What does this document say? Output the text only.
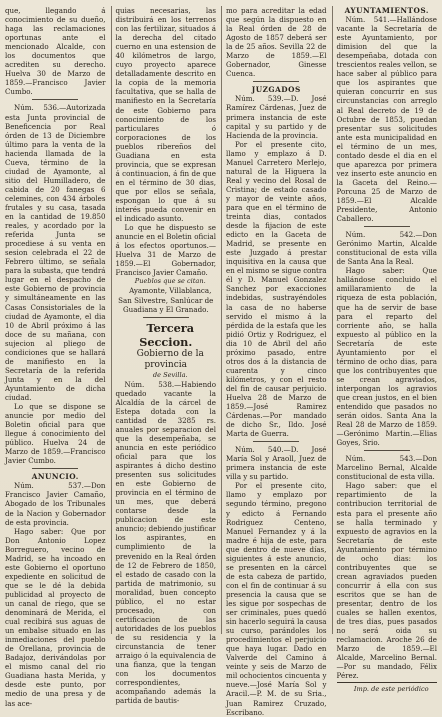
que, llegando á conocimiento de su dueño, haga las reclamaciones oportunas ante el mencionado Alcalde, con los documentos que acrediten su derecho. Huelva 30 de Marzo de 1859.—Francisco Javier Cumbo.

Núm. 536.—Autorizada esta Junta provincial de Beneficencia por Real órden de 13 de Diciembre último para la venta de la hacienda llamada de la Cueva, término de la ciudad de Ayamonte, al sitio del Humilladero, de cabida de 20 fanegas 6 celemines, con 434 árboles frutales y su casa, tasada en la cantidad de 19.850 reales, y acordado por la referida Junta se procediese á su venta en sesion celebrada el 22 de Febrero último, se señala para la subasta, que tendrá lugar en el despacho de este Gobierno de provincia y simultáneamente en las Casas Consistoriales de la ciudad de Ayamonte, el dia 10 de Abril próximo á las doce de su mañana, con sujecion al pliego de condiciones que se hallará de manifiesto en la Secretaría de la referida Junta y en la del Ayuntamiento de dicha ciudad.

Lo que se dispone se anuncie por medio del Boletin oficial para que llegue á conocimiento del público. Huelva 24 de Marzo de 1859.—Francisco Javier Cumbo.

ANUNCIO.

Núm. 537.—Don Francisco Javier Camaño, Abogado de los Tribunales de la Nacion y Gobernador de esta provincia.

Hago saber: Que por Don Antonio Lopez Borreguero, vecino de Madrid, se ha incoado en este Gobierno el oportuno expediente en solicitud de que se le dé la debida publicidad al proyecto de un canal de riego, que se denominará de Merida, el cual recibirá sus aguas de un embalse situado en las inmediaciones del pueblo de Orellana, provincia de Badajoz, derivándolas por el mismo canal del rio Guadiana hasta Merida, y desde este punto, por medio de una presa y de las ace-

quias necesarias, las distribuirá en los terrenos con las fertilizar, situados á la derecha del citado cuerno en una estension de 40 kilómetros de largo, cuyo proyecto aparece detalladamente descrito en la copia de la memoria facultativa, que se halla de manifiesto en la Secretaría de este Gobierno para conocimiento de los particulares ó corporaciones de los pueblos ribereños del Guadiana en esta provincia, que se expresan á continuacion, á fin de que en el término de 30 dias, que por ellos se señala, espongan lo que á su interés pueda convenir en el indicado asunto.

Lo que he dispuesto se anuncie en el Boletin oficial á los efectos oportunos.—Huelva 31 de Marzo de 1859.—El Gobernador, Francisco Javier Camaño.

Pueblos que se citan.

Ayamonte, Villablanca, San Silvestre, Sanlúcar de Guadiana y El Granado.

Tercera Seccion.

Gobierno de la provincia

de Sevilla.

Núm. 538.—Habiendo quedado vacante la Alcaldía de la cárcel de Estepa dotada con la cantidad de 3285 rs. anuales por separacion del que la desempeñaba, se anuncia en este periódico oficial para que los aspirantes á dicho destino presenten sus solicitudes en este Gobierno de provincia en el término de un mes, que deberá contarse desde la publicacion de este anuncio; debiendo justificar los aspirantes, en cumplimiento de la prevenido en la Real órden de 12 de Febrero de 1850, el estado de casado con la partida de matrimonio, su moralidad, buen concepto público, el no estar procesado, con certificacion de las autoridades de los pueblos de su residencia y la circunstancia de tener arraigo ó la equivalencia de una fianza, que la tengan con los documentos correspondientes, acompañando además la partida de bautis-

mo para acreditar la edad que según la dispuesto en la Real órden de 28 de Agosto de 1857 deberá ser la de 25 años. Sevilla 22 de Marzo de 1859.—El Gobernador, Ginesse Cuenca.

JUZGADOS

Núm. 539.—D. José Ramírez Cárdenas, Juez de primera instancia de este capital y su partido y de Hacienda de la provincia.

Por el presente cito, llamo y emplazo á D. Manuel Carretero Merlejo, natural de la Higuera la Real y vecino del Rosal de Cristina; de estado casado y mayor de veinte años, para que en el término de treinta dias, contados desde la fijacion de este edicto en la Gaceta de Madrid, se presente en este Juzgado á prestar inquisitiva en la causa que en el mismo se sigue contra él y D. Manuel Gonzalez Sanchez por exacciones indebidas, sustrayéndoles la casa de no haberse servido el mismo á la pérdida de la estafa que les pidió Ortiz y Rodriguez, el dia 10 de Abril del año próximo pasado, entre otros dos á la distancia de cuarenta y cinco kilómetros, y con el resto del fin de causar perjuicio. Huelva 28 de Marzo de 1859.—José Ramirez Cárdenas.—Por mandado de dicho Sr., Ildo. José Marta de Guerra.

Núm. 540.—D. José María Sol y Araoll, Juez de primera instancia de este villa y su partido.

Por el presente cito, llamo y emplazo por segundo término, pregono y edicto á Fernando Rodriguez Centeno, Manuel Fernandez y á la madre é hija de este, para que dentro de nueve días, siguientes á este anuncio, se presenten en la cárcel de esta cabeza de partido, con el fin de continuar á su presencia la causa que se les sigue por sospechas de ser criminales, pues quedó sin hacerlo seguirá la causa su curso, parándoles los procedimientos el perjuicio que haya lugar. Dado en Valverde del Camino á veinte y seis de Marzo de mil ochocientos cincuenta y nueve.—José María Sol y Aracil.—P. M. de su Sria., Juan Ramirez Cruzado, Escribano.

AYUNTAMIENTOS.

Núm. 541.—Hallándose vacante la Secretaría de este Ayuntamiento, por dimision del que la desempeñaba, dotada con trescientos reales vellon, se hace saber al público para que los aspirantes que quieran concurrir en sus circunstancias con arreglo al Real decreto de 19 de Octubre de 1853, puedan presentar sus solicitudes ante esta municipalidad en el término de un mes, contado desde el dia en el que aparezca por primera vez inserto este anuncio en la Gaceta del Reino.—Porcuna 25 de Marzo de 1859.—El Alcalde Presidente, Antonio Caballero.

Núm. 542.—Don Gerónimo Martin, Alcalde constitucional de esta villa de Santa Ana la Real.

Hago saber: Que hallándose concluido el amillaramiento de la riqueza de esta población, que ha de servir de base para el reparto del corriente año, se halla expuesto al público en la Secretaría de este Ayuntamiento por el término de ocho dias, para que los contribuyentes que se crean agraviados, interpongan los agravios que crean justos, en el bien entendido que pasados no serán oidos. Santa Ana la Real 28 de Marzo de 1859.—Gerónimo Martin.—Elias Goyes, Srio.

Núm. 543.—Don Marcelino Bernal, Alcalde constitucional de esta villa.

Hago saber: que el repartimiento de la contribucion territorial de esta para el presente año se halla terminado y expuesto de agravios en la Secretaría de este Ayuntamiento por término de ocho dias: los contribuyentes que se crean agraviados pueden concurrir á ella con sus escritos que se han de presentar, dentro de los cuales se hallen exentos, de tres dias, pues pasados no será oida su reclamacion. Aroche 26 de Marzo de 1859.—El Alcalde, Marcelino Bernal.—Por su mandado, Félix Pérez.

Imp. de este periódico
